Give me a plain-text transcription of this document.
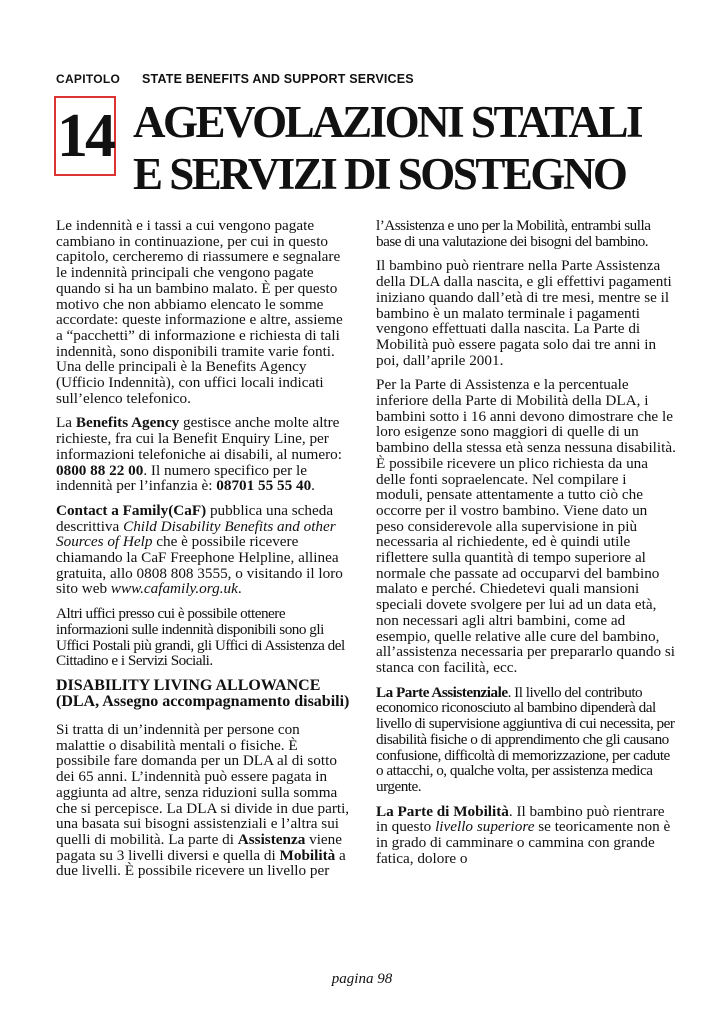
CAPITOLO STATE BENEFITS AND SUPPORT SERVICES
14 AGEVOLAZIONI STATALI
E SERVIZI DI SOSTEGNO

Le indennità e i tassi a cui vengono pagate cambiano in continuazione, per cui in questo capitolo, cercheremo di riassumere e segnalare le indennità principali che vengono pagate quando si ha un bambino malato. È per questo motivo che non abbiamo elencato le somme accordate: queste informazione e altre, assieme a “pacchetti” di informazione e richiesta di tali indennità, sono disponibili tramite varie fonti. Una delle principali è la Benefits Agency (Ufficio Indennità), con uffici locali indicati sull’elenco telefonico.

La Benefits Agency gestisce anche molte altre richieste, fra cui la Benefit Enquiry Line, per informazioni telefoniche ai disabili, al numero: 0800 88 22 00. Il numero specifico per le indennità per l’infanzia è: 08701 55 55 40.

Contact a Family(CaF) pubblica una scheda descrittiva Child Disability Benefits and other Sources of Help che è possibile ricevere chiamando la CaF Freephone Helpline, allinea gratuita, allo 0808 808 3555, o visitando il loro sito web www.cafamily.org.uk.

Altri uffici presso cui è possibile ottenere informazioni sulle indennità disponibili sono gli Uffici Postali più grandi, gli Uffici di Assistenza del Cittadino e i Servizi Sociali.

DISABILITY LIVING ALLOWANCE (DLA, Assegno accompagnamento disabili)

Si tratta di un’indennità per persone con malattie o disabilità mentali o fisiche. È possibile fare domanda per un DLA al di sotto dei 65 anni. L’indennità può essere pagata in aggiunta ad altre, senza riduzioni sulla somma che si percepisce. La DLA si divide in due parti, una basata sui bisogni assistenziali e l’altra sui quelli di mobilità. La parte di Assistenza viene pagata su 3 livelli diversi e quella di Mobilità a due livelli. È possibile ricevere un livello per

l’Assistenza e uno per la Mobilità, entrambi sulla base di una valutazione dei bisogni del bambino.

Il bambino può rientrare nella Parte Assistenza della DLA dalla nascita, e gli effettivi pagamenti iniziano quando dall’età di tre mesi, mentre se il bambino è un malato terminale i pagamenti vengono effettuati dalla nascita. La Parte di Mobilità può essere pagata solo dai tre anni in poi, dall’aprile 2001.

Per la Parte di Assistenza e la percentuale inferiore della Parte di Mobilità della DLA, i bambini sotto i 16 anni devono dimostrare che le loro esigenze sono maggiori di quelle di un bambino della stessa età senza nessuna disabilità. È possibile ricevere un plico richiesta da una delle fonti sopraelencate. Nel compilare i moduli, pensate attentamente a tutto ciò che occorre per il vostro bambino. Viene dato un peso considerevole alla supervisione in più necessaria al richiedente, ed è quindi utile riflettere sulla quantità di tempo superiore al normale che passate ad occuparvi del bambino malato e perché. Chiedetevi quali mansioni speciali dovete svolgere per lui ad un data età, non necessari agli altri bambini, come ad esempio, quelle relative alle cure del bambino, all’assistenza necessaria per prepararlo quando si stanca con facilità, ecc.

La Parte Assistenziale. Il livello del contributo economico riconosciuto al bambino dipenderà dal livello di supervisione aggiuntiva di cui necessita, per disabilità fisiche o di apprendimento che gli causano confusione, difficoltà di memorizzazione, per cadute o attacchi, o, qualche volta, per assistenza medica urgente.

La Parte di Mobilità. Il bambino può rientrare in questo livello superiore se teoricamente non è in grado di camminare o cammina con grande fatica, dolore o

pagina 98
